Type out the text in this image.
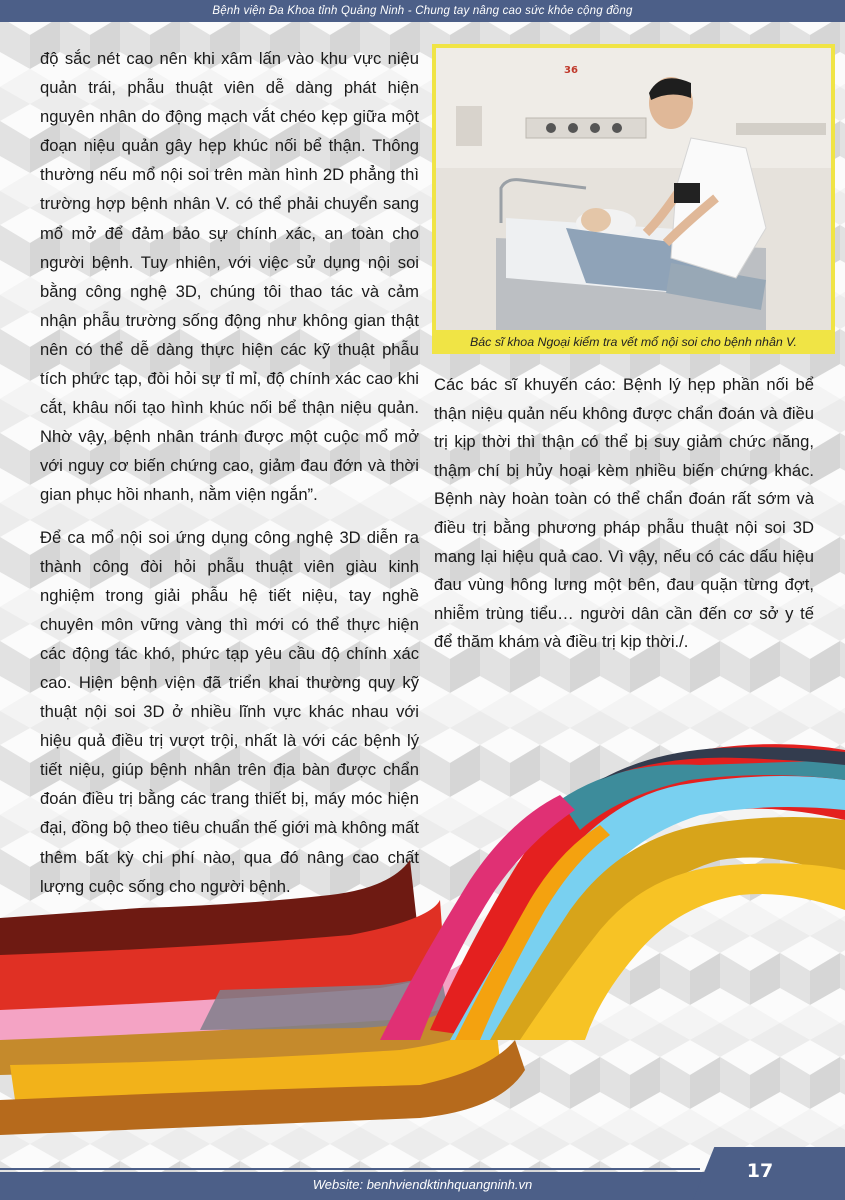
Bệnh viện Đa Khoa tỉnh Quảng Ninh - Chung tay nâng cao sức khỏe cộng đồng

độ sắc nét cao nên khi xâm lấn vào khu vực niệu quản trái, phẫu thuật viên dễ dàng phát hiện nguyên nhân do động mạch vắt chéo kẹp giữa một đoạn niệu quản gây hẹp khúc nối bể thận. Thông thường nếu mổ nội soi trên màn hình 2D phẳng thì trường hợp bệnh nhân V. có thể phải chuyển sang mổ mở để đảm bảo sự chính xác, an toàn cho người bệnh. Tuy nhiên, với việc sử dụng nội soi bằng công nghệ 3D, chúng tôi thao tác và cảm nhận phẫu trường sống động như không gian thật nên có thể dễ dàng thực hiện các kỹ thuật phẫu tích phức tạp, đòi hỏi sự tỉ mỉ, độ chính xác cao khi cắt, khâu nối tạo hình khúc nối bể thận niệu quản. Nhờ vậy, bệnh nhân tránh được một cuộc mổ mở với nguy cơ biến chứng cao, giảm đau đớn và thời gian phục hồi nhanh, nằm viện ngắn”.

Để ca mổ nội soi ứng dụng công nghệ 3D diễn ra thành công đòi hỏi phẫu thuật viên giàu kinh nghiệm trong giải phẫu hệ tiết niệu, tay nghề chuyên môn vững vàng thì mới có thể thực hiện các động tác khó, phức tạp yêu cầu độ chính xác cao. Hiện bệnh viện đã triển khai thường quy kỹ thuật nội soi 3D ở nhiều lĩnh vực khác nhau với hiệu quả điều trị vượt trội, nhất là với các bệnh lý tiết niệu, giúp bệnh nhân trên địa bàn được chẩn đoán điều trị bằng các trang thiết bị, máy móc hiện đại, đồng bộ theo tiêu chuẩn thế giới mà không mất thêm bất kỳ chi phí nào, qua đó nâng cao chất lượng cuộc sống cho người bệnh.

36
Bác sĩ khoa Ngoại kiểm tra vết mổ nội soi cho bệnh nhân V.

Các bác sĩ khuyến cáo: Bệnh lý hẹp phần nối bể thận niệu quản nếu không được chẩn đoán và điều trị kịp thời thì thận có thể bị suy giảm chức năng, thậm chí bị hủy hoại kèm nhiều biến chứng khác. Bệnh này hoàn toàn có thể chẩn đoán rất sớm và điều trị bằng phương pháp phẫu thuật nội soi 3D mang lại hiệu quả cao. Vì vậy, nếu có các dấu hiệu đau vùng hông lưng một bên, đau quặn từng đợt, nhiễm trùng tiểu… người dân cần đến cơ sở y tế để thăm khám và điều trị kịp thời./.

17
Website: benhviendktinhquangninh.vn
